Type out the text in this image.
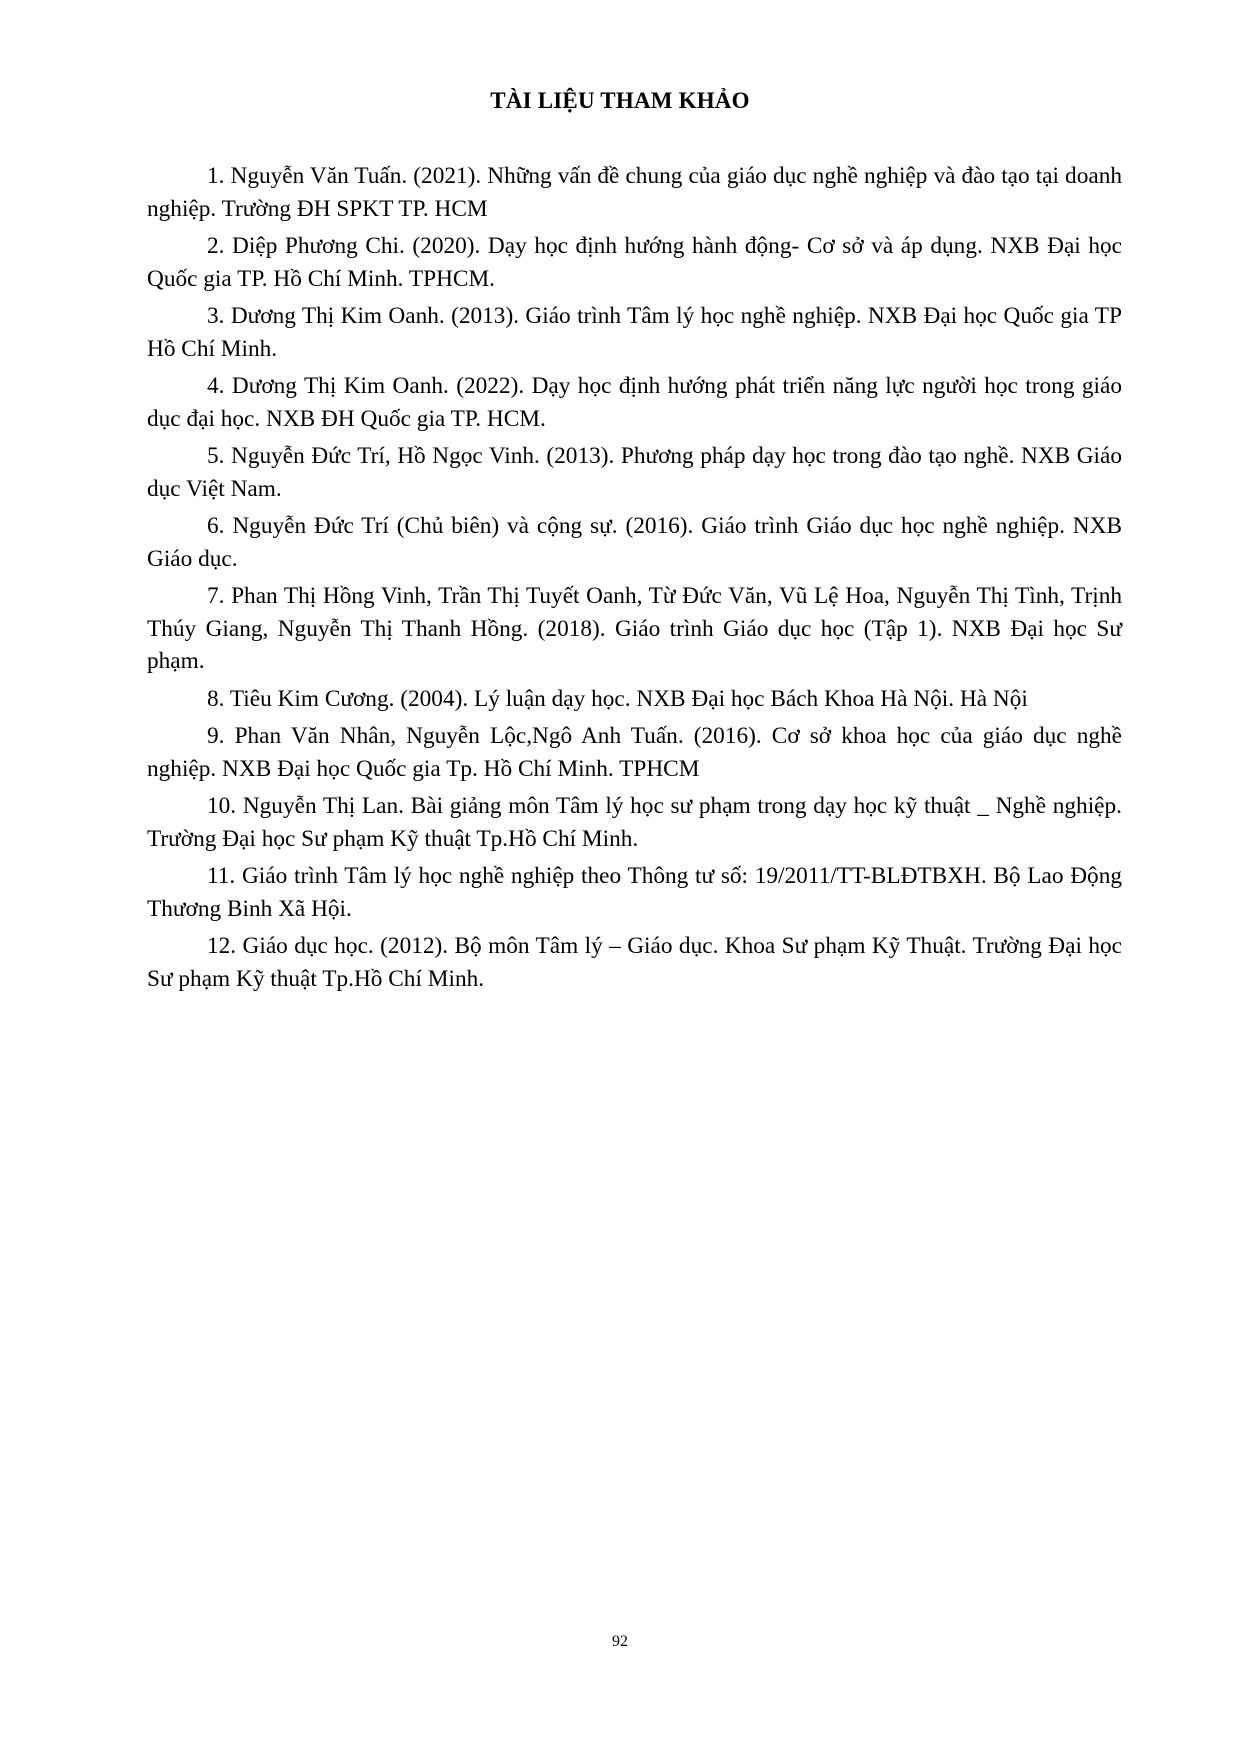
TÀI LIỆU THAM KHẢO

1. Nguyễn Văn Tuấn. (2021). Những vấn đề chung của giáo dục nghề nghiệp và đào tạo tại doanh nghiệp. Trường ĐH SPKT TP. HCM

2. Diệp Phương Chi. (2020). Dạy học định hướng hành động- Cơ sở và áp dụng. NXB Đại học Quốc gia TP. Hồ Chí Minh. TPHCM.

3. Dương Thị Kim Oanh. (2013). Giáo trình Tâm lý học nghề nghiệp. NXB Đại học Quốc gia TP Hồ Chí Minh.

4. Dương Thị Kim Oanh. (2022). Dạy học định hướng phát triển năng lực người học trong giáo dục đại học. NXB ĐH Quốc gia TP. HCM.

5. Nguyễn Đức Trí, Hồ Ngọc Vinh. (2013). Phương pháp dạy học trong đào tạo nghề. NXB Giáo dục Việt Nam.

6. Nguyễn Đức Trí (Chủ biên) và cộng sự. (2016). Giáo trình Giáo dục học nghề nghiệp. NXB Giáo dục.

7. Phan Thị Hồng Vinh, Trần Thị Tuyết Oanh, Từ Đức Văn, Vũ Lệ Hoa, Nguyễn Thị Tình, Trịnh Thúy Giang, Nguyễn Thị Thanh Hồng. (2018). Giáo trình Giáo dục học (Tập 1). NXB Đại học Sư phạm.

8. Tiêu Kim Cương. (2004). Lý luận dạy học. NXB Đại học Bách Khoa Hà Nội. Hà Nội

9. Phan Văn Nhân, Nguyễn Lộc,Ngô Anh Tuấn. (2016). Cơ sở khoa học của giáo dục nghề nghiệp. NXB Đại học Quốc gia Tp. Hồ Chí Minh. TPHCM

10. Nguyễn Thị Lan. Bài giảng môn Tâm lý học sư phạm trong dạy học kỹ thuật _ Nghề nghiệp. Trường Đại học Sư phạm Kỹ thuật Tp.Hồ Chí Minh.

11. Giáo trình Tâm lý học nghề nghiệp theo Thông tư số: 19/2011/TT-BLĐTBXH. Bộ Lao Động Thương Binh Xã Hội.

12. Giáo dục học. (2012). Bộ môn Tâm lý – Giáo dục. Khoa Sư phạm Kỹ Thuật. Trường Đại học Sư phạm Kỹ thuật Tp.Hồ Chí Minh.

92
